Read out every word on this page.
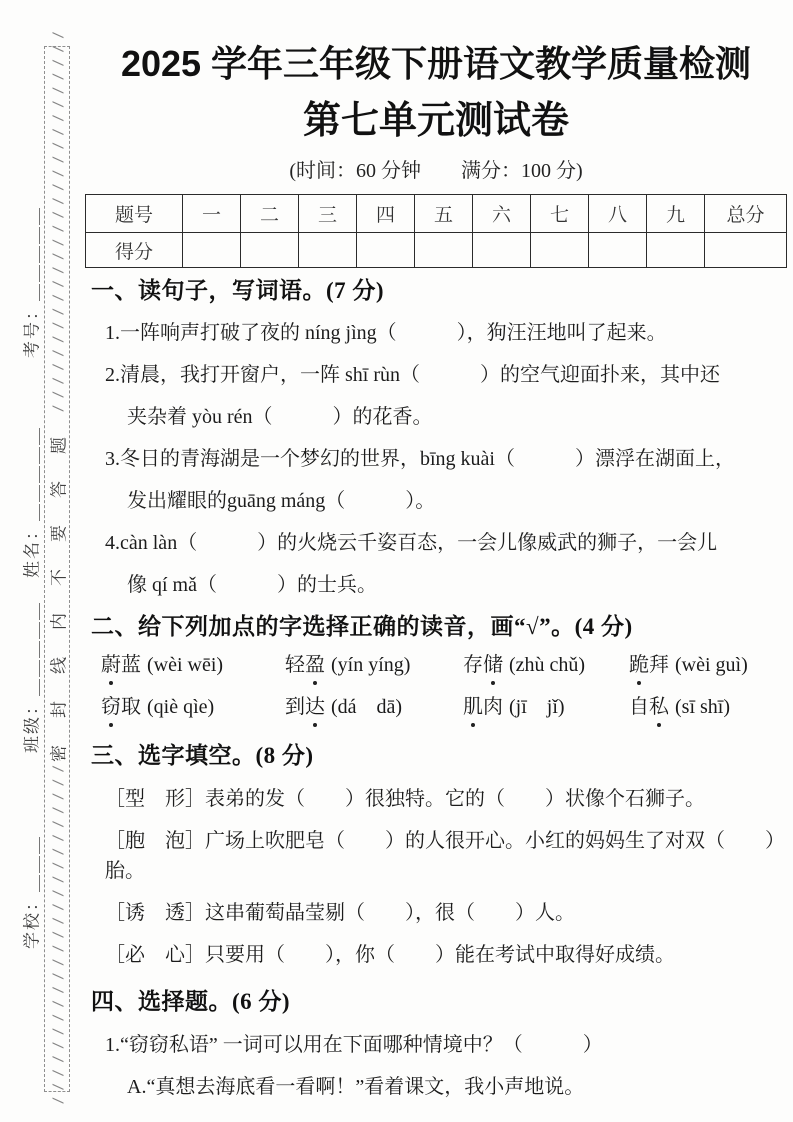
考号：＿＿＿＿＿
姓名：＿＿＿＿＿
班级：＿＿＿＿＿
学校：＿＿＿
////////////////////////////
密封线内不要答题
//////////////////////////
2025 学年三年级下册语文教学质量检测
第七单元测试卷
(时间：60 分钟　　满分：100 分)
题号	一	二	三	四	五	六	七	八	九	总分
得分										
一、读句子，写词语。(7 分)
1.一阵响声打破了夜的 níng jìng（　　　），狗汪汪地叫了起来。
2.清晨，我打开窗户，一阵 shī rùn（　　　）的空气迎面扑来，其中还
夹杂着 yòu rén（　　　）的花香。
3.冬日的青海湖是一个梦幻的世界，bīng kuài（　　　）漂浮在湖面上，
发出耀眼的guāng máng（　　　）。
4.càn làn（　　　）的火烧云千姿百态，一会儿像威武的狮子，一会儿
像 qí mǎ（　　　）的士兵。
二、给下列加点的字选择正确的读音，画“√”。(4 分)
蔚蓝 (wèi wēi)	轻盈 (yín yíng)	存储 (zhù chǔ)	跪拜 (wèi guì)
窃取 (qiè qìe)	到达 (dá　dā)	肌肉 (jī　jǐ)	自私 (sī shī)
三、选字填空。(8 分)
［型　形］表弟的发（　　）很独特。它的（　　）状像个石狮子。
［胞　泡］广场上吹肥皂（　　）的人很开心。小红的妈妈生了对双（　　）胎。
［诱　透］这串葡萄晶莹剔（　　），很（　　）人。
［必　心］只要用（　　），你（　　）能在考试中取得好成绩。
四、选择题。(6 分)
1.“窃窃私语” 一词可以用在下面哪种情境中？（　　　）
A.“真想去海底看一看啊！”看着课文，我小声地说。
